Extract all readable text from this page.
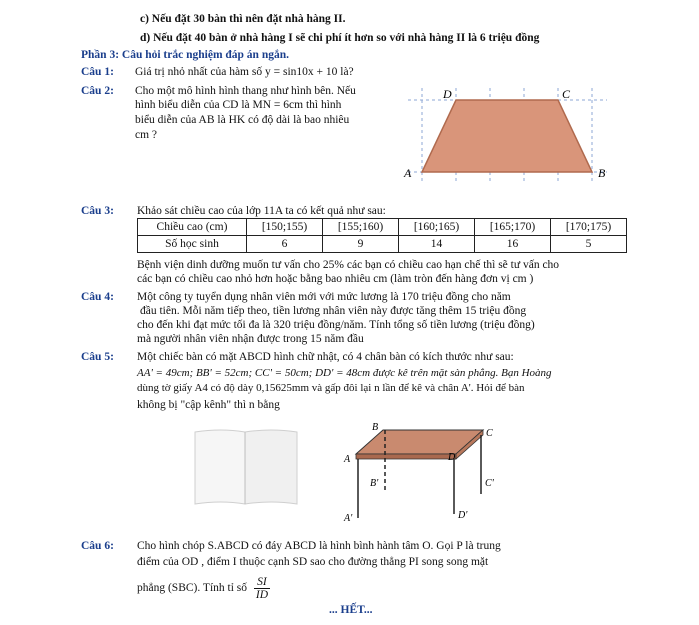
c) Nếu đặt 30 bàn thì nên đặt nhà hàng II.
d) Nếu đặt 40 bàn ở nhà hàng I sẽ chi phí ít hơn so với nhà hàng II là 6 triệu đồng
Phần 3: Câu hỏi trắc nghiệm đáp án ngắn.
Câu 1: Giá trị nhỏ nhất của hàm số y = sin10x + 10 là?
Câu 2: Cho một mô hình hình thang như hình bên. Nếu
hình biểu diễn của CD là MN = 6cm thì hình
biểu diễn của AB là HK có độ dài là bao nhiêu
cm ?
D	C
A	B
Câu 3: Khảo sát chiều cao của lớp 11A ta có kết quả như sau:
Chiều cao (cm)	[150;155)	[155;160)	[160;165)	[165;170)	[170;175)
Số học sinh	6	9	14	16	5
Bệnh viện dinh dưỡng muốn tư vấn cho 25% các bạn có chiều cao hạn chế thì sẽ tư vấn cho
các bạn có chiều cao nhỏ hơn hoặc bằng bao nhiêu cm (làm tròn đến hàng đơn vị cm )
Câu 4: Một công ty tuyển dụng nhân viên mới với mức lương là 170 triệu đồng cho năm
đầu tiên. Mỗi năm tiếp theo, tiền lương nhân viên này được tăng thêm 15 triệu đồng
cho đến khi đạt mức tối đa là 320 triệu đồng/năm. Tính tổng số tiền lương (triệu đồng)
mà người nhân viên nhận được trong 15 năm đầu
Câu 5: Một chiếc bàn có mặt ABCD hình chữ nhật, có 4 chân bàn có kích thước như sau:
AA' = 49cm; BB' = 52cm; CC' = 50cm; DD' = 48cm được kê trên mặt sàn phẳng. Bạn Hoàng
dùng tờ giấy A4 có độ dày 0,15625mm và gấp đôi lại n lần để kê và chân A'. Hỏi để bàn
không bị "cập kênh" thì n bằng
A
B
C
D
B'	C'
D'
A'
Câu 6: Cho hình chóp S.ABCD có đáy ABCD là hình bình hành tâm O. Gọi P là trung
điểm của OD , điểm I thuộc cạnh SD sao cho đường thẳng PI song song mặt
phẳng (SBC). Tính tỉ số $\frac{SI}{ID}$
... HẾT...
